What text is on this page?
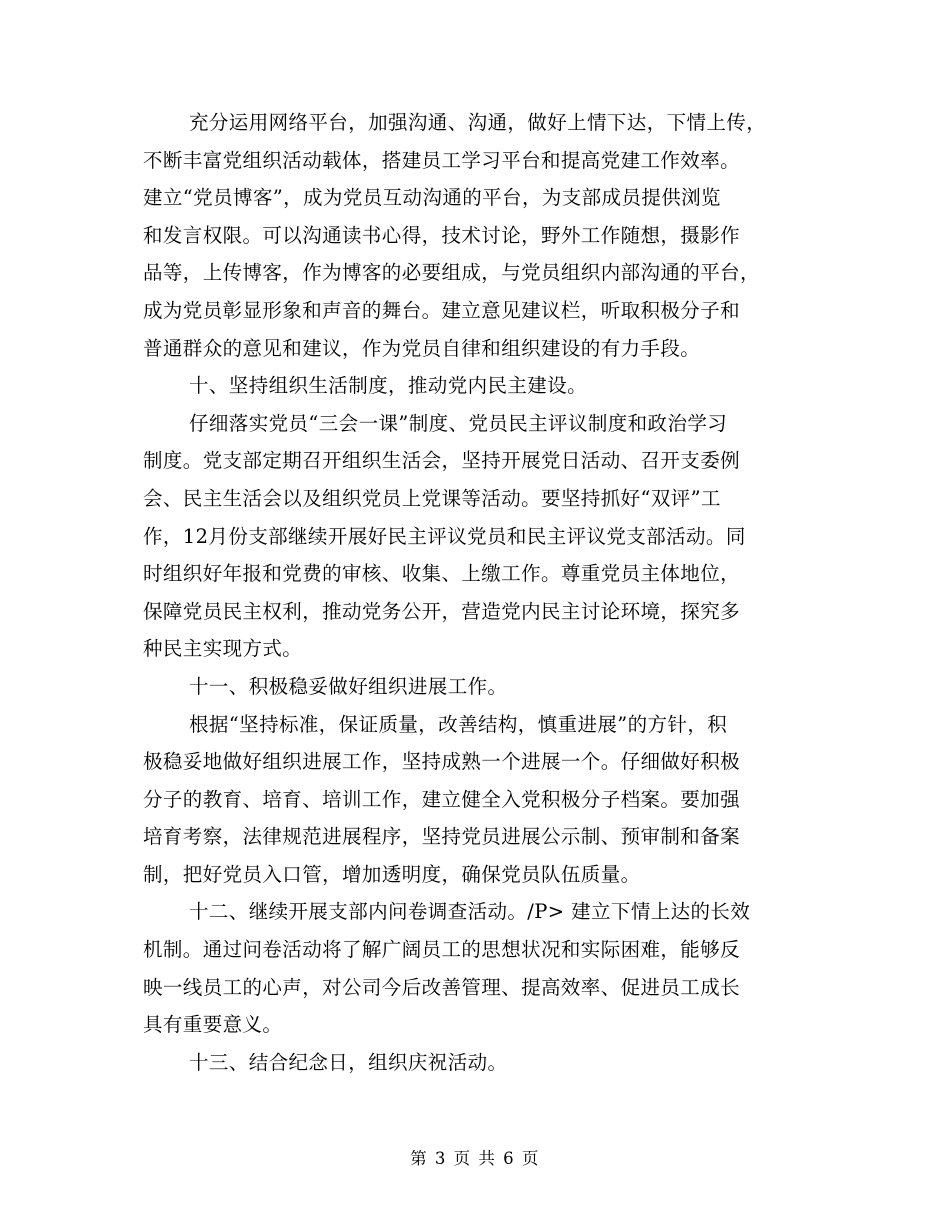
充分运用网络平台，加强沟通、沟通，做好上情下达，下情上传，
不断丰富党组织活动载体，搭建员工学习平台和提高党建工作效率。
建立“党员博客”，成为党员互动沟通的平台，为支部成员提供浏览
和发言权限。可以沟通读书心得，技术讨论，野外工作随想，摄影作
品等，上传博客，作为博客的必要组成，与党员组织内部沟通的平台，
成为党员彰显形象和声音的舞台。建立意见建议栏，听取积极分子和
普通群众的意见和建议，作为党员自律和组织建设的有力手段。
十、坚持组织生活制度，推动党内民主建设。
仔细落实党员“三会一课”制度、党员民主评议制度和政治学习
制度。党支部定期召开组织生活会，坚持开展党日活动、召开支委例
会、民主生活会以及组织党员上党课等活动。要坚持抓好“双评”工
作，12月份支部继续开展好民主评议党员和民主评议党支部活动。同
时组织好年报和党费的审核、收集、上缴工作。尊重党员主体地位，
保障党员民主权利，推动党务公开，营造党内民主讨论环境，探究多
种民主实现方式。
十一、积极稳妥做好组织进展工作。
根据“坚持标准，保证质量，改善结构，慎重进展”的方针，积
极稳妥地做好组织进展工作，坚持成熟一个进展一个。仔细做好积极
分子的教育、培育、培训工作，建立健全入党积极分子档案。要加强
培育考察，法律规范进展程序，坚持党员进展公示制、预审制和备案
制，把好党员入口管，增加透明度，确保党员队伍质量。
十二、继续开展支部内问卷调查活动。/P> 建立下情上达的长效
机制。通过问卷活动将了解广阔员工的思想状况和实际困难，能够反
映一线员工的心声，对公司今后改善管理、提高效率、促进员工成长
具有重要意义。
十三、结合纪念日，组织庆祝活动。
第 3 页 共 6 页
